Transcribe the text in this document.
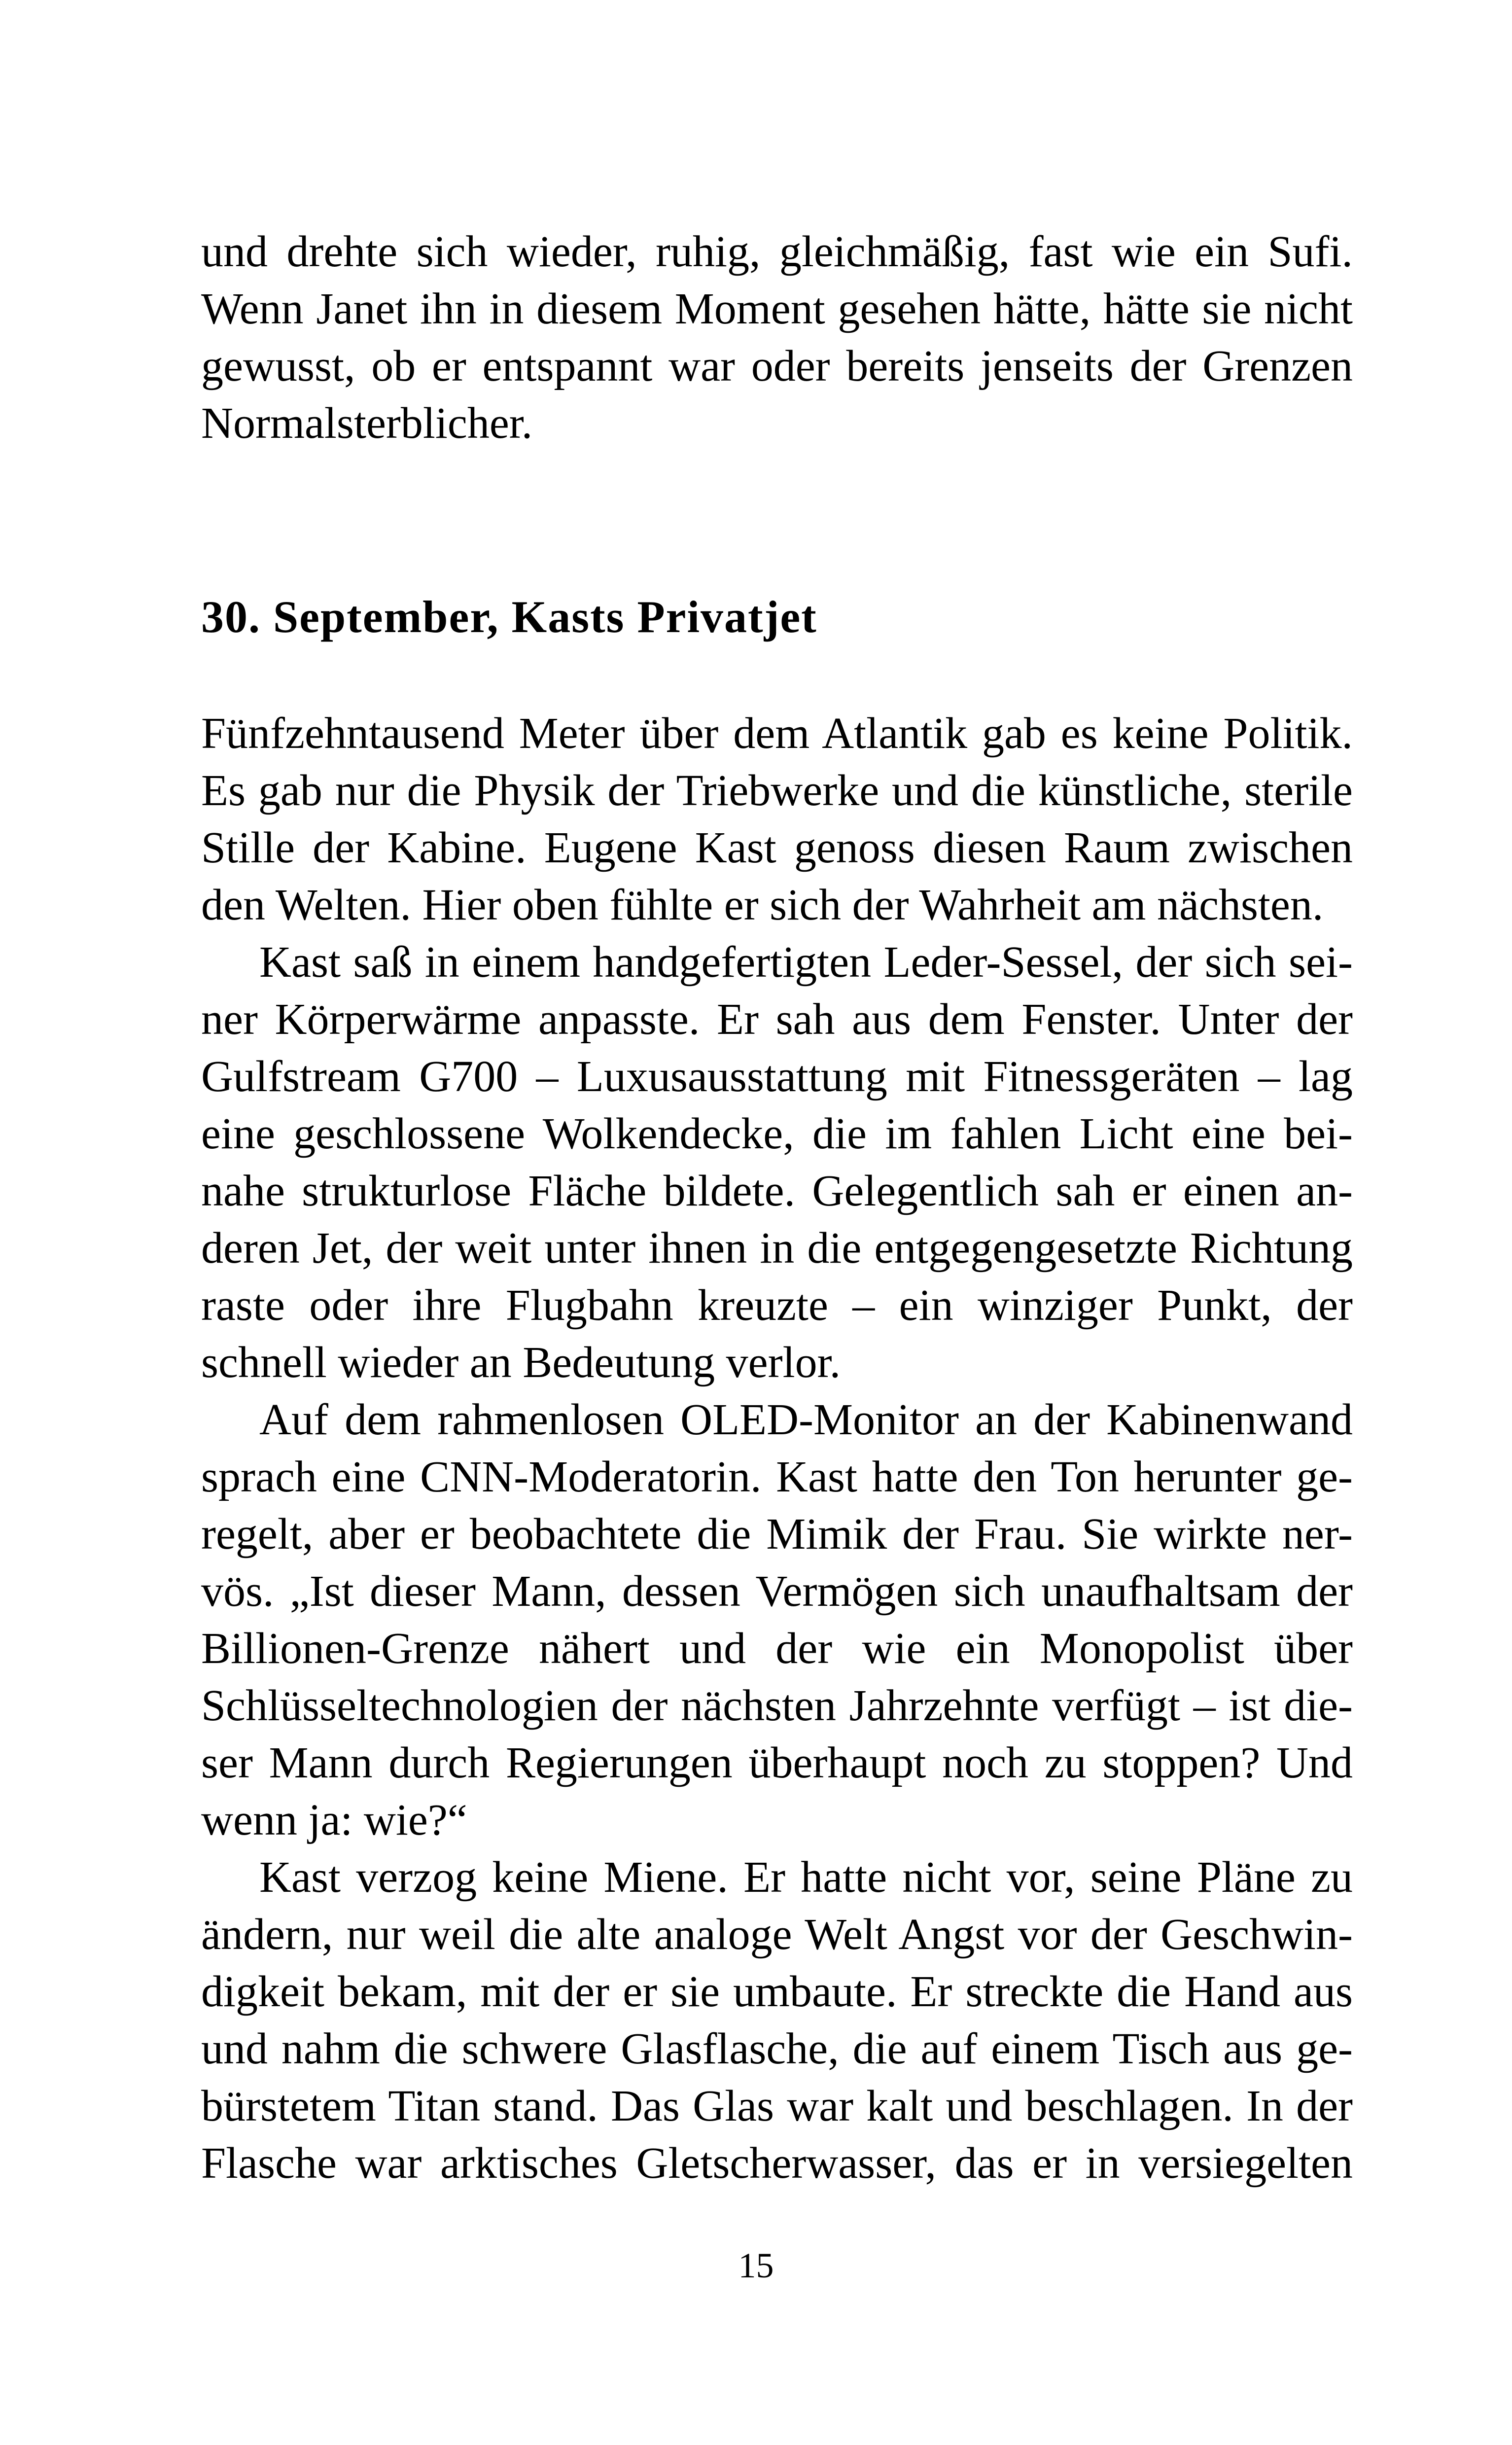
und drehte sich wieder, ruhig, gleichmäßig, fast wie ein Sufi.
Wenn Janet ihn in diesem Moment gesehen hätte, hätte sie nicht
gewusst, ob er entspannt war oder bereits jenseits der Grenzen
Normalsterblicher.
30. September, Kasts Privatjet
Fünfzehntausend Meter über dem Atlantik gab es keine Politik.
Es gab nur die Physik der Triebwerke und die künstliche, sterile
Stille der Kabine. Eugene Kast genoss diesen Raum zwischen
den Welten. Hier oben fühlte er sich der Wahrheit am nächsten.
Kast saß in einem handgefertigten Leder-Sessel, der sich sei-
ner Körperwärme anpasste. Er sah aus dem Fenster. Unter der
Gulfstream G700 – Luxusausstattung mit Fitnessgeräten – lag
eine geschlossene Wolkendecke, die im fahlen Licht eine bei-
nahe strukturlose Fläche bildete. Gelegentlich sah er einen an-
deren Jet, der weit unter ihnen in die entgegengesetzte Richtung
raste oder ihre Flugbahn kreuzte – ein winziger Punkt, der
schnell wieder an Bedeutung verlor.
Auf dem rahmenlosen OLED-Monitor an der Kabinenwand
sprach eine CNN-Moderatorin. Kast hatte den Ton herunter ge-
regelt, aber er beobachtete die Mimik der Frau. Sie wirkte ner-
vös. „Ist dieser Mann, dessen Vermögen sich unaufhaltsam der
Billionen-Grenze nähert und der wie ein Monopolist über
Schlüsseltechnologien der nächsten Jahrzehnte verfügt – ist die-
ser Mann durch Regierungen überhaupt noch zu stoppen? Und
wenn ja: wie?“
Kast verzog keine Miene. Er hatte nicht vor, seine Pläne zu
ändern, nur weil die alte analoge Welt Angst vor der Geschwin-
digkeit bekam, mit der er sie umbaute. Er streckte die Hand aus
und nahm die schwere Glasflasche, die auf einem Tisch aus ge-
bürstetem Titan stand. Das Glas war kalt und beschlagen. In der
Flasche war arktisches Gletscherwasser, das er in versiegelten
15
